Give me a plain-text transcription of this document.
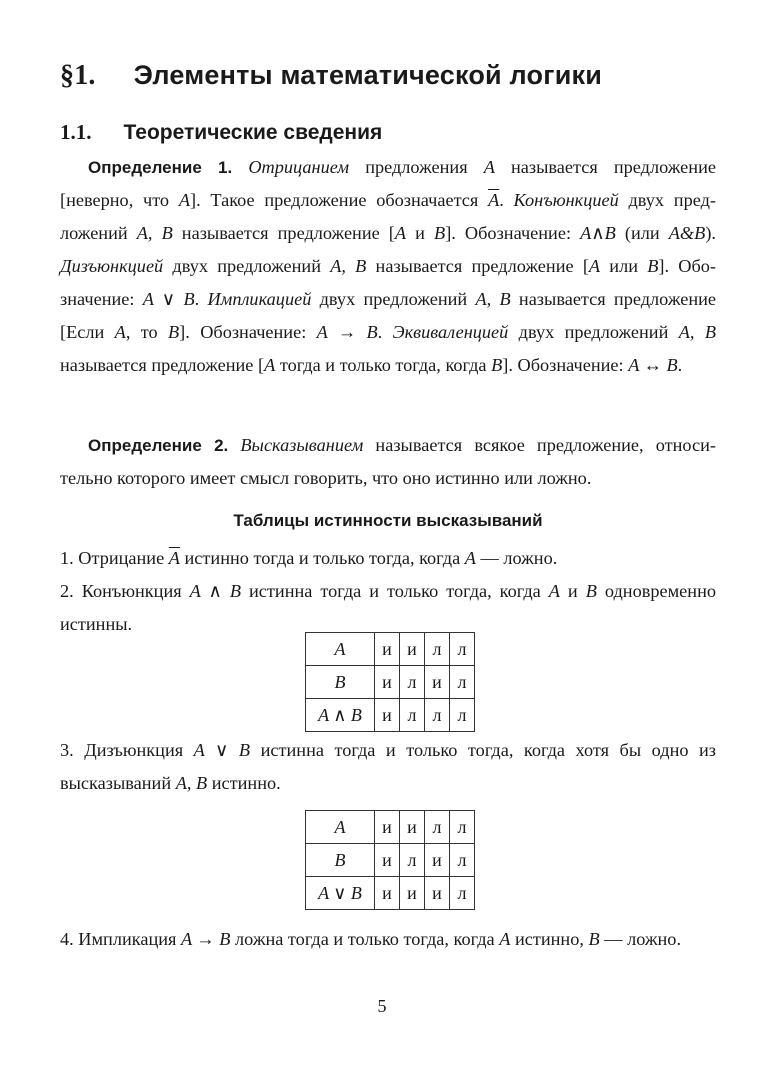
§1. Элементы математической логики
1.1. Теоретические сведения
Определение 1. Отрицанием предложения A называется предложение [неверно, что A]. Такое предложение обозначается $\overline{A}$. Конъюнкцией двух предложений A, B называется предложение [A и B]. Обозначение: A∧B (или A&B). Дизъюнкцией двух предложений A, B называется предложение [A или B]. Обозначение: A ∨ B. Импликацией двух предложений A, B называется предложение [Если A, то B]. Обозначение: A → B. Эквиваленцией двух предложений A, B называется предложение [A тогда и только тогда, когда B]. Обозначение: A ↔ B.
Определение 2. Высказыванием называется всякое предложение, относительно которого имеет смысл говорить, что оно истинно или ложно.
Таблицы истинности высказываний
1. Отрицание $\overline{A}$ истинно тогда и только тогда, когда A — ложно.
2. Конъюнкция A ∧ B истинна тогда и только тогда, когда A и B одновременно истинны.
A	и	и	л	л
B	и	л	и	л
A ∧ B	и	л	л	л
3. Дизъюнкция A ∨ B истинна тогда и только тогда, когда хотя бы одно из высказываний A, B истинно.
A	и	и	л	л
B	и	л	и	л
A ∨ B	и	и	и	л
4. Импликация A → B ложна тогда и только тогда, когда A истинно, B — ложно.
5
